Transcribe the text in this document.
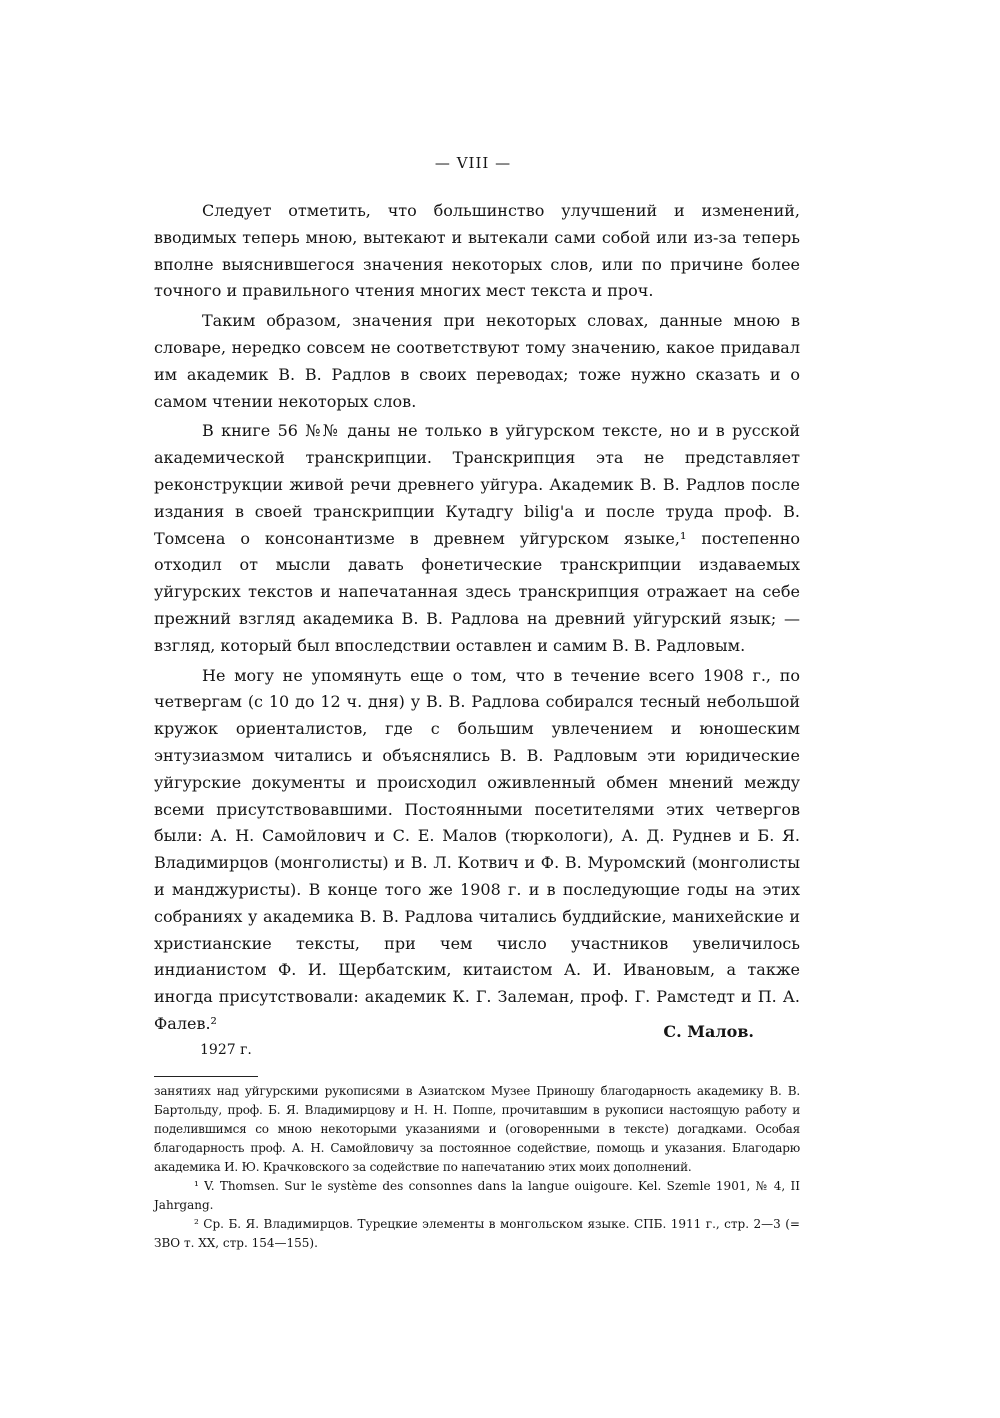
— VIII —

Следует отметить, что большинство улучшений и изменений, вводимых теперь мною, вытекают и вытекали сами собой или из-за теперь вполне выяснившегося значения некоторых слов, или по причине более точного и правильного чтения многих мест текста и проч.

Таким образом, значения при некоторых словах, данные мною в словаре, нередко совсем не соответствуют тому значению, какое придавал им академик В. В. Радлов в своих переводах; тоже нужно сказать и о самом чтении некоторых слов.

В книге 56 №№ даны не только в уйгурском тексте, но и в русской академической транскрипции. Транскрипция эта не представляет реконструкции живой речи древнего уйгура. Академик В. В. Радлов после издания в своей транскрипции Кутадгу bilig'а и после труда проф. В. Томсена о консонантизме в древнем уйгурском языке,¹ постепенно отходил от мысли давать фонетические транскрипции издаваемых уйгурских текстов и напечатанная здесь транскрипция отражает на себе прежний взгляд академика В. В. Радлова на древний уйгурский язык; — взгляд, который был впоследствии оставлен и самим В. В. Радловым.

Не могу не упомянуть еще о том, что в течение всего 1908 г., по четвергам (с 10 до 12 ч. дня) у В. В. Радлова собирался тесный небольшой кружок ориенталистов, где с большим увлечением и юношеским энтузиазмом читались и объяснялись В. В. Радловым эти юридические уйгурские документы и происходил оживленный обмен мнений между всеми присутствовавшими. Постоянными посетителями этих четвергов были: А. Н. Самойлович и С. Е. Малов (тюркологи), А. Д. Руднев и Б. Я. Владимирцов (монголисты) и В. Л. Котвич и Ф. В. Муромский (монголисты и манджуристы). В конце того же 1908 г. и в последующие годы на этих собраниях у академика В. В. Радлова читались буддийские, манихейские и христианские тексты, при чем число участников увеличилось индианистом Ф. И. Щербатским, китаистом А. И. Ивановым, а также иногда присутствовали: академик К. Г. Залеман, проф. Г. Рамстедт и П. А. Фалев.²	С. Малов.
1927 г.

занятиях над уйгурскими рукописями в Азиатском Музее Приношу благодарность академику В. В. Бартольду, проф. Б. Я. Владимирцову и Н. Н. Поппе, прочитавшим в рукописи настоящую работу и поделившимся со мною некоторыми указаниями и (оговоренными в тексте) догадками. Особая благодарность проф. А. Н. Самойловичу за постоянное содействие, помощь и указания. Благодарю академика И. Ю. Крачковского за содействие по напечатанию этих моих дополнений.

¹ V. Thomsen. Sur le système des consonnes dans la langue ouigoure. Kel. Szemle 1901, № 4, II Jahrgang.

² Ср. Б. Я. Владимирцов. Турецкие элементы в монгольском языке. СПБ. 1911 г., стр. 2—3 (= ЗВО т. XX, стр. 154—155).
